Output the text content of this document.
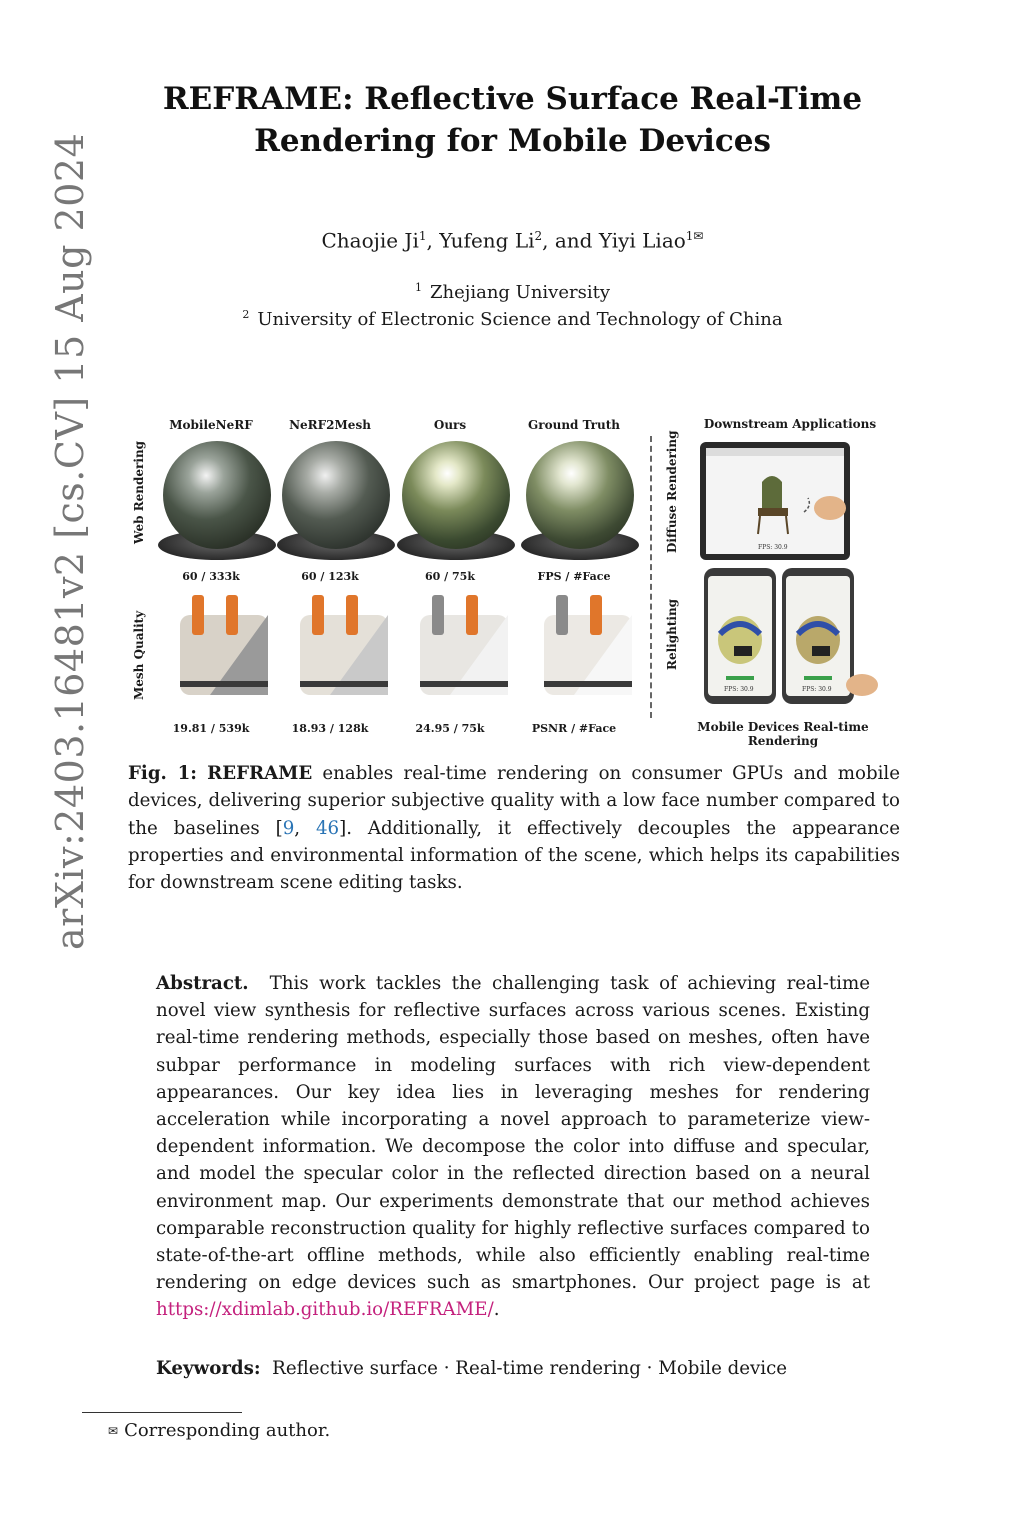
arXiv:2403.16481v2 [cs.CV] 15 Aug 2024
REFRAME: Reflective Surface Real-Time
Rendering for Mobile Devices
Chaojie Ji$^1$, Yufeng Li$^2$, and Yiyi Liao$^{1✉}$
$^1$ Zhejiang University
$^2$ University of Electronic Science and Technology of China
MobileNeRF	NeRF2Mesh	Ours	Ground Truth	Downstream Applications
Web Rendering
Mesh Quality
Diffuse Rendering
Relighting
60 / 333k	60 / 123k	60 / 75k	FPS / #Face
19.81 / 539k	18.93 / 128k	24.95 / 75k	PSNR / #Face
FPS: 30.9
FPS: 30.9	FPS: 30.9
Mobile Devices Real-time Rendering
Fig. 1: REFRAME enables real-time rendering on consumer GPUs and mobile devices, delivering superior subjective quality with a low face number compared to the baselines [9, 46]. Additionally, it effectively decouples the appearance properties and environmental information of the scene, which helps its capabilities for downstream scene editing tasks.
Abstract. This work tackles the challenging task of achieving real-time novel view synthesis for reflective surfaces across various scenes. Existing real-time rendering methods, especially those based on meshes, often have subpar performance in modeling surfaces with rich view-dependent appearances. Our key idea lies in leveraging meshes for rendering acceleration while incorporating a novel approach to parameterize view-dependent information. We decompose the color into diffuse and specular, and model the specular color in the reflected direction based on a neural environment map. Our experiments demonstrate that our method achieves comparable reconstruction quality for highly reflective surfaces compared to state-of-the-art offline methods, while also efficiently enabling real-time rendering on edge devices such as smartphones. Our project page is at https://xdimlab.github.io/REFRAME/.
Keywords: Reflective surface · Real-time rendering · Mobile device
✉ Corresponding author.
